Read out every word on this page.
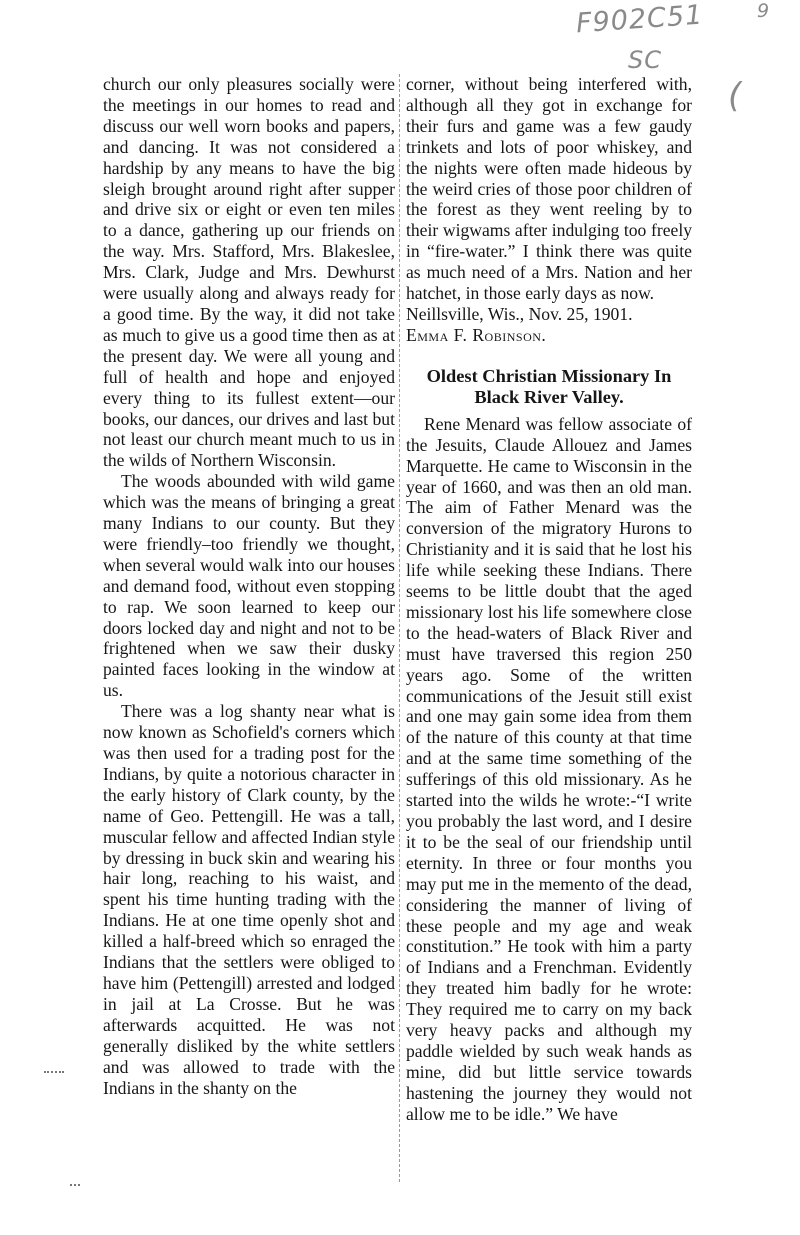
F902C51
SC
9
(

church our only pleasures socially were the meetings in our homes to read and discuss our well worn books and papers, and dancing. It was not considered a hardship by any means to have the big sleigh brought around right after supper and drive six or eight or even ten miles to a dance, gathering up our friends on the way. Mrs. Stafford, Mrs. Blakeslee, Mrs. Clark, Judge and Mrs. Dewhurst were usually along and always ready for a good time. By the way, it did not take as much to give us a good time then as at the present day. We were all young and full of health and hope and enjoyed every thing to its fullest extent—our books, our dances, our drives and last but not least our church meant much to us in the wilds of Northern Wisconsin.

The woods abounded with wild game which was the means of bringing a great many Indians to our county. But they were friendly–too friendly we thought, when several would walk into our houses and demand food, without even stopping to rap. We soon learned to keep our doors locked day and night and not to be frightened when we saw their dusky painted faces looking in the window at us.

There was a log shanty near what is now known as Schofield's corners which was then used for a trading post for the Indians, by quite a notorious character in the early history of Clark county, by the name of Geo. Pettengill. He was a tall, muscular fellow and affected Indian style by dressing in buck skin and wearing his hair long, reaching to his waist, and spent his time hunting trading with the Indians. He at one time openly shot and killed a half-breed which so enraged the Indians that the settlers were obliged to have him (Pettengill) arrested and lodged in jail at La Crosse. But he was afterwards acquitted. He was not generally disliked by the white settlers and was allowed to trade with the Indians in the shanty on the

corner, without being interfered with, although all they got in exchange for their furs and game was a few gaudy trinkets and lots of poor whiskey, and the nights were often made hideous by the weird cries of those poor children of the forest as they went reeling by to their wigwams after indulging too freely in “fire-water.” I think there was quite as much need of a Mrs. Nation and her hatchet, in those early days as now.

Neillsville, Wis., Nov. 25, 1901.

Emma F. Robinson.

Oldest Christian Missionary In
Black River Valley.

Rene Menard was fellow associate of the Jesuits, Claude Allouez and James Marquette. He came to Wisconsin in the year of 1660, and was then an old man. The aim of Father Menard was the conversion of the migratory Hurons to Christianity and it is said that he lost his life while seeking these Indians. There seems to be little doubt that the aged missionary lost his life somewhere close to the head-waters of Black River and must have traversed this region 250 years ago. Some of the written communications of the Jesuit still exist and one may gain some idea from them of the nature of this county at that time and at the same time something of the sufferings of this old missionary. As he started into the wilds he wrote:-“I write you probably the last word, and I desire it to be the seal of our friendship until eternity. In three or four months you may put me in the memento of the dead, considering the manner of living of these people and my age and weak constitution.” He took with him a party of Indians and a Frenchman. Evidently they treated him badly for he wrote: They required me to carry on my back very heavy packs and although my paddle wielded by such weak hands as mine, did but little service towards hastening the journey they would not allow me to be idle.” We have
